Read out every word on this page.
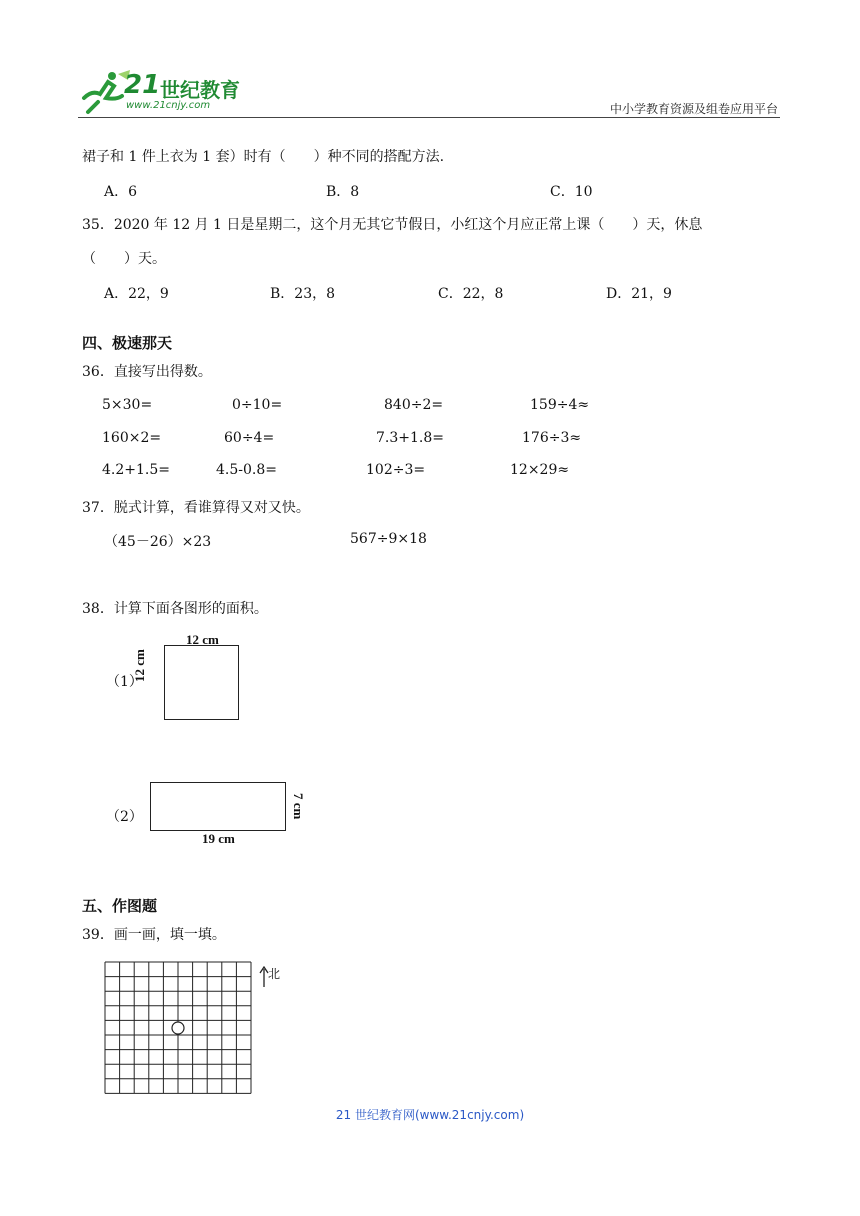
21 世纪教育
www.21cnjy.com	中小学教育资源及组卷应用平台
裙子和 1 件上衣为 1 套）时有（　　）种不同的搭配方法.
A．6	B．8	C．10
35．2020 年 12 月 1 日是星期二，这个月无其它节假日，小红这个月应正常上课（　　）天，休息
（　　）天。
A．22，9	B．23，8	C．22，8	D．21，9
四、极速那天
36．直接写出得数。
5×30=	0÷10=	840÷2=	159÷4≈
160×2=	60÷4=	7.3+1.8=	176÷3≈
4.2+1.5=	4.5-0.8=	102÷3=	12×29≈
37．脱式计算，看谁算得又对又快。
（45－26）×23	567÷9×18
38．计算下面各图形的面积。
12 cm
12 cm
（1）
（2）	7 cm
19 cm
五、作图题
39．画一画，填一填。
北
21 世纪教育网(www.21cnjy.com)
